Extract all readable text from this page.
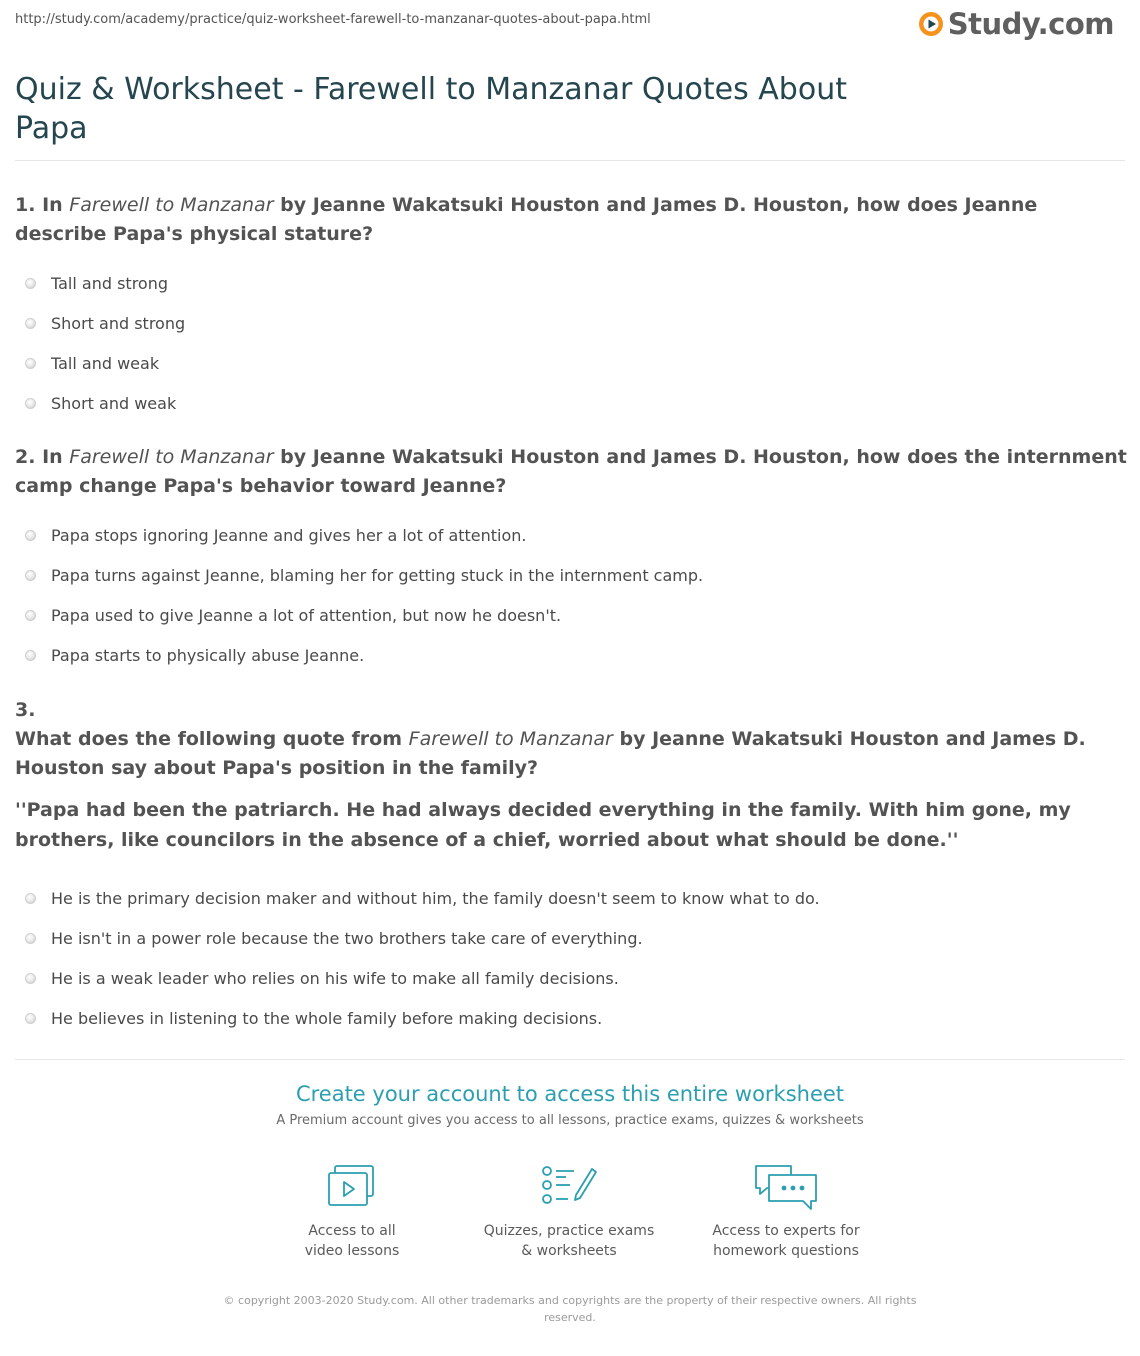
http://study.com/academy/practice/quiz-worksheet-farewell-to-manzanar-quotes-about-papa.html	Study.com
Quiz & Worksheet - Farewell to Manzanar Quotes About Papa

1. In Farewell to Manzanar by Jeanne Wakatsuki Houston and James D. Houston, how does Jeanne describe Papa's physical stature?

Tall and strong
Short and strong
Tall and weak
Short and weak

2. In Farewell to Manzanar by Jeanne Wakatsuki Houston and James D. Houston, how does the internment camp change Papa's behavior toward Jeanne?

Papa stops ignoring Jeanne and gives her a lot of attention.
Papa turns against Jeanne, blaming her for getting stuck in the internment camp.
Papa used to give Jeanne a lot of attention, but now he doesn't.
Papa starts to physically abuse Jeanne.
3.

What does the following quote from Farewell to Manzanar by Jeanne Wakatsuki Houston and James D. Houston say about Papa's position in the family?

''Papa had been the patriarch. He had always decided everything in the family. With him gone, my brothers, like councilors in the absence of a chief, worried about what should be done.''
He is the primary decision maker and without him, the family doesn't seem to know what to do.
He isn't in a power role because the two brothers take care of everything.
He is a weak leader who relies on his wife to make all family decisions.
He believes in listening to the whole family before making decisions.
Create your account to access this entire worksheet
A Premium account gives you access to all lessons, practice exams, quizzes & worksheets
Access to all
video lessons
Quizzes, practice exams
& worksheets
Access to experts for
homework questions
© copyright 2003-2020 Study.com. All other trademarks and copyrights are the property of their respective owners. All rights
reserved.
